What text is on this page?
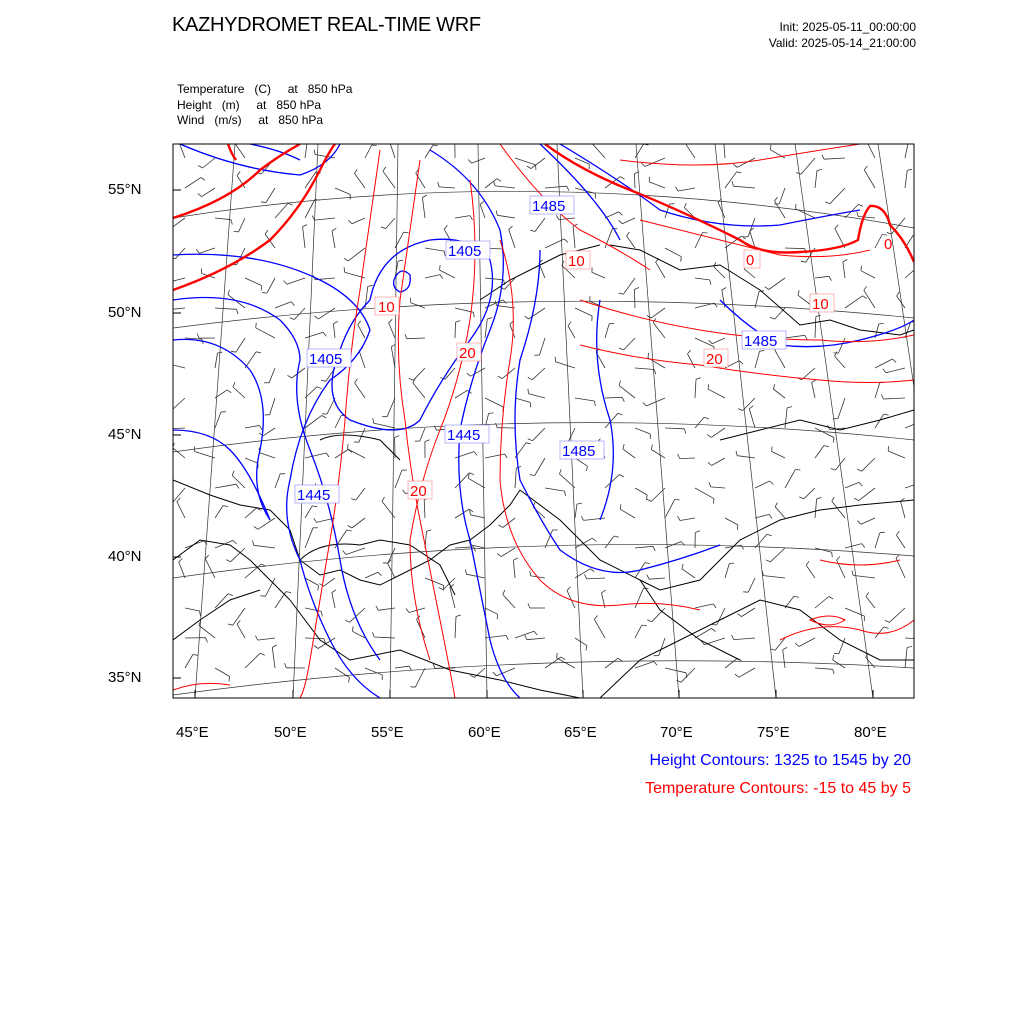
KAZHYDROMET REAL-TIME WRF	Init: 2025-05-11_00:00:00
Valid: 2025-05-14_21:00:00
Temperature   (C)     at   850 hPa
Height   (m)     at   850 hPa
Wind   (m/s)     at   850 hPa
1485
1405
1405
1445
1485
1445
1485
10
10
20
10
0
20
20
0
55°N
50°N
45°N
40°N
35°N
45°E	50°E	55°E	60°E	65°E	70°E	75°E	80°E
Height Contours: 1325 to 1545 by 20
Temperature Contours: -15 to 45 by 5
